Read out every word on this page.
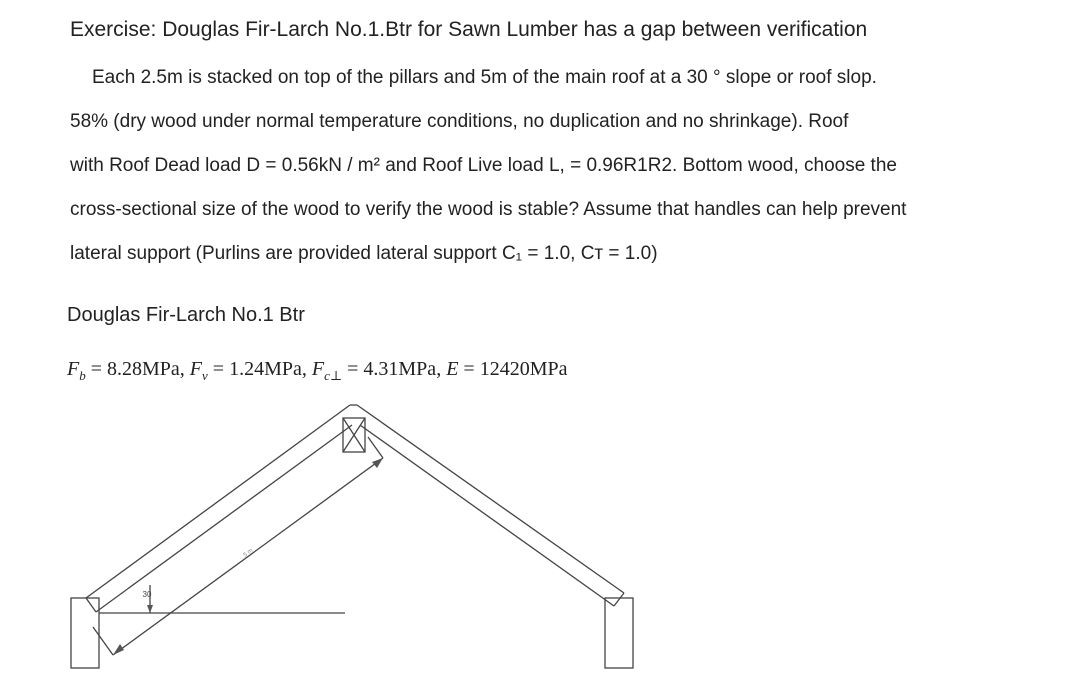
Exercise: Douglas Fir-Larch No.1.Btr for Sawn Lumber has a gap between verification
Each 2.5m is stacked on top of the pillars and 5m of the main roof at a 30 ° slope or roof slop.
58% (dry wood under normal temperature conditions, no duplication and no shrinkage). Roof
with Roof Dead load D = 0.56kN / m² and Roof Live load L, = 0.96R1R2. Bottom wood, choose the
cross-sectional size of the wood to verify the wood is stable? Assume that handles can help prevent
lateral support (Purlins are provided lateral support C₁ = 1.0, Cт = 1.0)
Douglas Fir-Larch No.1 Btr
$F_b = 8.28MPa$, $F_v = 1.24MPa$, $F_{c\perp} = 4.31MPa$, E = 12420MPa
30
5 m
